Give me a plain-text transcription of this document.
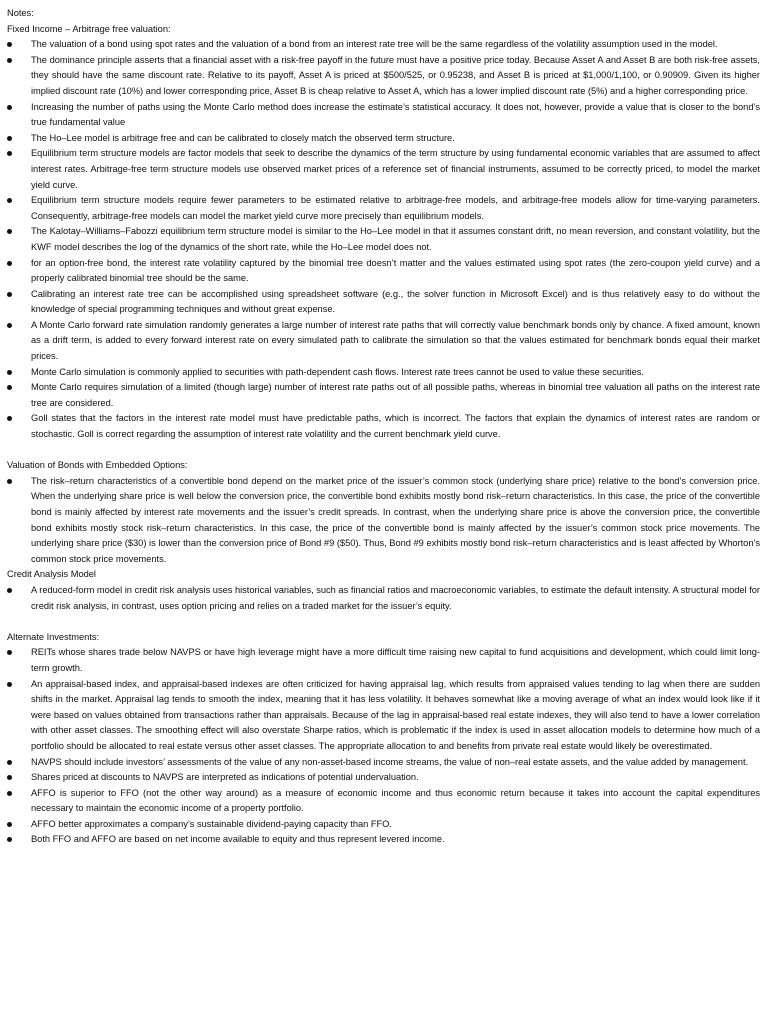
Notes:

Fixed Income – Arbitrage free valuation:

The valuation of a bond using spot rates and the valuation of a bond from an interest rate tree will be the same regardless of the volatility assumption used in the model.
The dominance principle asserts that a financial asset with a risk-free payoff in the future must have a positive price today. Because Asset A and Asset B are both risk-free assets, they should have the same discount rate. Relative to its payoff, Asset A is priced at $500/525, or 0.95238, and Asset B is priced at $1,000/1,100, or 0.90909. Given its higher implied discount rate (10%) and lower corresponding price, Asset B is cheap relative to Asset A, which has a lower implied discount rate (5%) and a higher corresponding price.
Increasing the number of paths using the Monte Carlo method does increase the estimate’s statistical accuracy. It does not, however, provide a value that is closer to the bond’s true fundamental value
The Ho–Lee model is arbitrage free and can be calibrated to closely match the observed term structure.
Equilibrium term structure models are factor models that seek to describe the dynamics of the term structure by using fundamental economic variables that are assumed to affect interest rates. Arbitrage-free term structure models use observed market prices of a reference set of financial instruments, assumed to be correctly priced, to model the market yield curve.
Equilibrium term structure models require fewer parameters to be estimated relative to arbitrage-free models, and arbitrage-free models allow for time-varying parameters. Consequently, arbitrage-free models can model the market yield curve more precisely than equilibrium models.
The Kalotay–Williams–Fabozzi equilibrium term structure model is similar to the Ho–Lee model in that it assumes constant drift, no mean reversion, and constant volatility, but the KWF model describes the log of the dynamics of the short rate, while the Ho–Lee model does not.
for an option-free bond, the interest rate volatility captured by the binomial tree doesn’t matter and the values estimated using spot rates (the zero-coupon yield curve) and a properly calibrated binomial tree should be the same.
Calibrating an interest rate tree can be accomplished using spreadsheet software (e.g., the solver function in Microsoft Excel) and is thus relatively easy to do without the knowledge of special programming techniques and without great expense.
A Monte Carlo forward rate simulation randomly generates a large number of interest rate paths that will correctly value benchmark bonds only by chance. A fixed amount, known as a drift term, is added to every forward interest rate on every simulated path to calibrate the simulation so that the values estimated for benchmark bonds equal their market prices.
Monte Carlo simulation is commonly applied to securities with path-dependent cash flows. Interest rate trees cannot be used to value these securities.
Monte Carlo requires simulation of a limited (though large) number of interest rate paths out of all possible paths, whereas in binomial tree valuation all paths on the interest rate tree are considered.
Goll states that the factors in the interest rate model must have predictable paths, which is incorrect. The factors that explain the dynamics of interest rates are random or stochastic. Goll is correct regarding the assumption of interest rate volatility and the current benchmark yield curve.

Valuation of Bonds with Embedded Options:

The risk–return characteristics of a convertible bond depend on the market price of the issuer’s common stock (underlying share price) relative to the bond’s conversion price. When the underlying share price is well below the conversion price, the convertible bond exhibits mostly bond risk–return characteristics. In this case, the price of the convertible bond is mainly affected by interest rate movements and the issuer’s credit spreads. In contrast, when the underlying share price is above the conversion price, the convertible bond exhibits mostly stock risk–return characteristics. In this case, the price of the convertible bond is mainly affected by the issuer’s common stock price movements. The underlying share price ($30) is lower than the conversion price of Bond #9 ($50). Thus, Bond #9 exhibits mostly bond risk–return characteristics and is least affected by Whorton’s common stock price movements.

Credit Analysis Model

A reduced-form model in credit risk analysis uses historical variables, such as financial ratios and macroeconomic variables, to estimate the default intensity. A structural model for credit risk analysis, in contrast, uses option pricing and relies on a traded market for the issuer’s equity.

Alternate Investments:

REITs whose shares trade below NAVPS or have high leverage might have a more difficult time raising new capital to fund acquisitions and development, which could limit long-term growth.
An appraisal-based index, and appraisal-based indexes are often criticized for having appraisal lag, which results from appraised values tending to lag when there are sudden shifts in the market. Appraisal lag tends to smooth the index, meaning that it has less volatility. It behaves somewhat like a moving average of what an index would look like if it were based on values obtained from transactions rather than appraisals. Because of the lag in appraisal-based real estate indexes, they will also tend to have a lower correlation with other asset classes. The smoothing effect will also overstate Sharpe ratios, which is problematic if the index is used in asset allocation models to determine how much of a portfolio should be allocated to real estate versus other asset classes. The appropriate allocation to and benefits from private real estate would likely be overestimated.
NAVPS should include investors’ assessments of the value of any non-asset-based income streams, the value of non–real estate assets, and the value added by management.
Shares priced at discounts to NAVPS are interpreted as indications of potential undervaluation.
AFFO is superior to FFO (not the other way around) as a measure of economic income and thus economic return because it takes into account the capital expenditures necessary to maintain the economic income of a property portfolio.
AFFO better approximates a company’s sustainable dividend-paying capacity than FFO.
Both FFO and AFFO are based on net income available to equity and thus represent levered income.
